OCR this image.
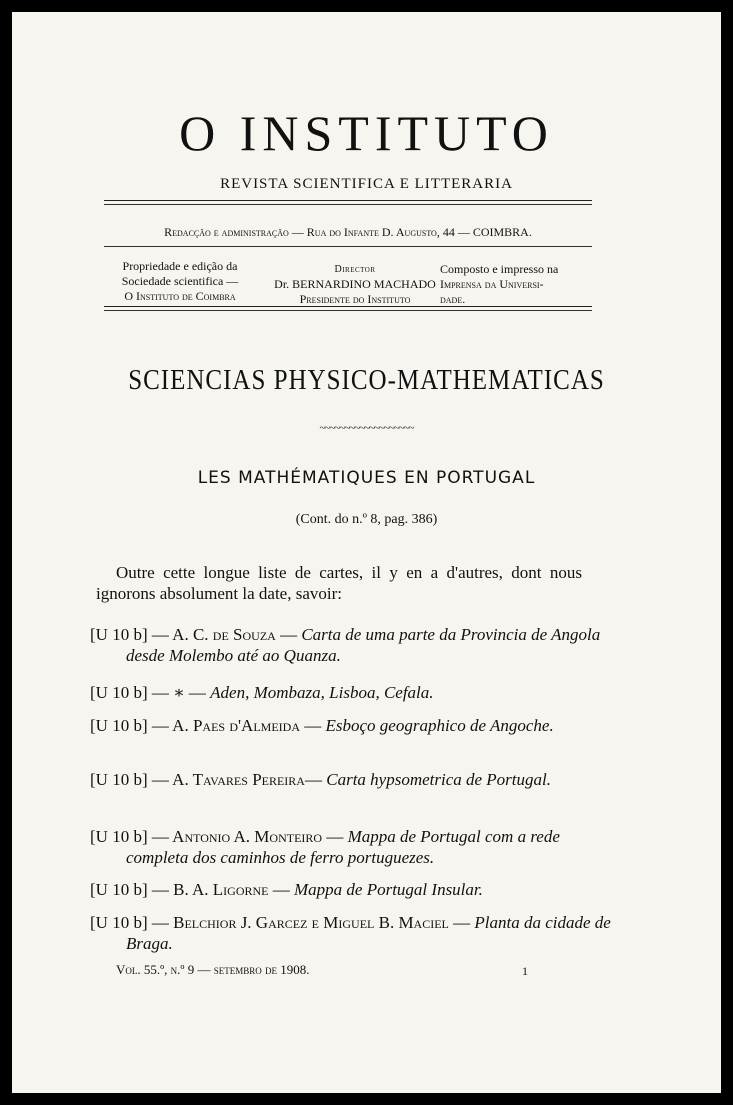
O INSTITUTO
REVISTA SCIENTIFICA E LITTERARIA
Redacção e administração — Rua do Infante D. Augusto, 44 — COIMBRA.
Propriedade e edição da
Sociedade scientifica —
O Instituto de Coimbra
Director
Dr. BERNARDINO MACHADO
Presidente do Instituto
Composto e impresso na
Imprensa da Universi-
dade.
SCIENCIAS PHYSICO-MATHEMATICAS
~~~~~~~~~~~~~~~~~~~
LES MATHÉMATIQUES EN PORTUGAL
(Cont. do n.º 8, pag. 386)
Outre cette longue liste de cartes, il y en a d'autres, dont nous ignorons absolument la date, savoir:
[U 10 b] — A. C. de Souza — Carta de uma parte da Provincia de Angola desde Molembo até ao Quanza.
[U 10 b] — ∗ — Aden, Mombaza, Lisboa, Cefala.
[U 10 b] — A. Paes d'Almeida — Esboço geographico de Angoche.
[U 10 b] — A. Tavares Pereira— Carta hypsometrica de Portugal.
[U 10 b] — Antonio A. Monteiro — Mappa de Portugal com a rede completa dos caminhos de ferro portuguezes.
[U 10 b] — B. A. Ligorne — Mappa de Portugal Insular.
[U 10 b] — Belchior J. Garcez e Miguel B. Maciel — Planta da cidade de Braga.
Vol. 55.º, n.º 9 — setembro de 1908.	1
